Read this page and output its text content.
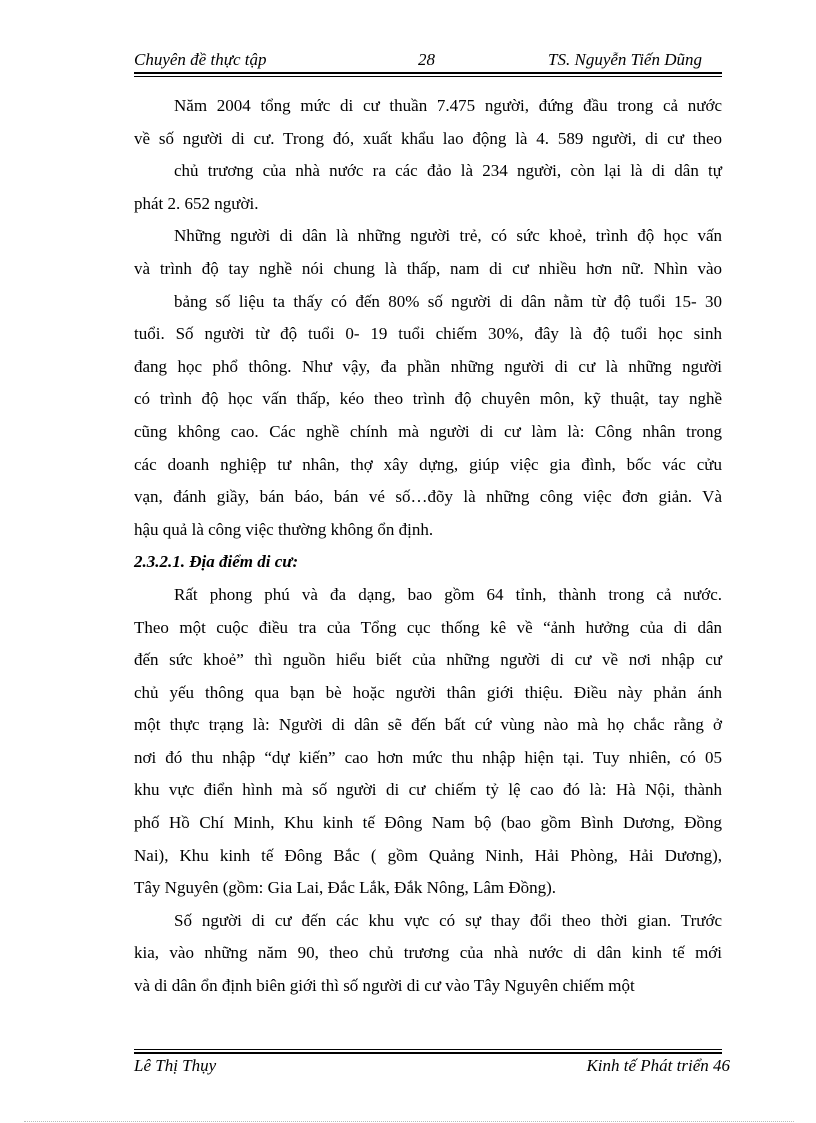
Chuyên đề thực tập	28	TS. Nguyễn Tiến Dũng
Năm 2004 tổng mức di cư thuần 7.475 người, đứng đầu trong cả nước
về số người di cư. Trong đó, xuất khẩu lao động là 4. 589 người, di cư theo
chủ trương của nhà nước ra các đảo là 234 người, còn lại là di dân tự
phát 2. 652 người.
Những người di dân là những người trẻ, có sức khoẻ, trình độ học vấn
và trình độ tay nghề nói chung là thấp, nam di cư nhiều hơn nữ. Nhìn vào
bảng số liệu ta thấy có đến 80% số người di dân nằm từ độ tuổi 15- 30
tuổi. Số người từ độ tuổi 0- 19 tuổi chiếm 30%, đây là độ tuổi học sinh
đang học phổ thông. Như vậy, đa phần những người di cư là những người
có trình độ học vấn thấp, kéo theo trình độ chuyên môn, kỹ thuật, tay nghề
cũng không cao. Các nghề chính mà người di cư làm là: Công nhân trong
các doanh nghiệp tư nhân, thợ xây dựng, giúp việc gia đình, bốc vác cửu
vạn, đánh giầy, bán báo, bán vé số…đõy là những công việc đơn giản. Và
hậu quả là công việc thường không ổn định.
2.3.2.1. Địa điểm di cư:
Rất phong phú và đa dạng, bao gồm 64 tỉnh, thành trong cả nước.
Theo một cuộc điều tra của Tổng cục thống kê về “ảnh hưởng của di dân
đến sức khoẻ” thì nguồn hiểu biết của những người di cư về nơi nhập cư
chủ yếu thông qua bạn bè hoặc người thân giới thiệu. Điều này phản ánh
một thực trạng là: Người di dân sẽ đến bất cứ vùng nào mà họ chắc rằng ở
nơi đó thu nhập “dự kiến” cao hơn mức thu nhập hiện tại. Tuy nhiên, có 05
khu vực điển hình mà số người di cư chiếm tỷ lệ cao đó là: Hà Nội, thành
phố Hồ Chí Minh, Khu kinh tế Đông Nam bộ (bao gồm Bình Dương, Đồng
Nai), Khu kinh tế Đông Bắc ( gồm Quảng Ninh, Hải Phòng, Hải Dương),
Tây Nguyên (gồm: Gia Lai, Đắc Lắk, Đắk Nông, Lâm Đồng).
Số người di cư đến các khu vực có sự thay đổi theo thời gian. Trước
kia, vào những năm 90, theo chủ trương của nhà nước di dân kinh tế mới
và di dân ổn định biên giới thì số người di cư vào Tây Nguyên chiếm một
Lê Thị Thụy	Kinh tế Phát triển 46
